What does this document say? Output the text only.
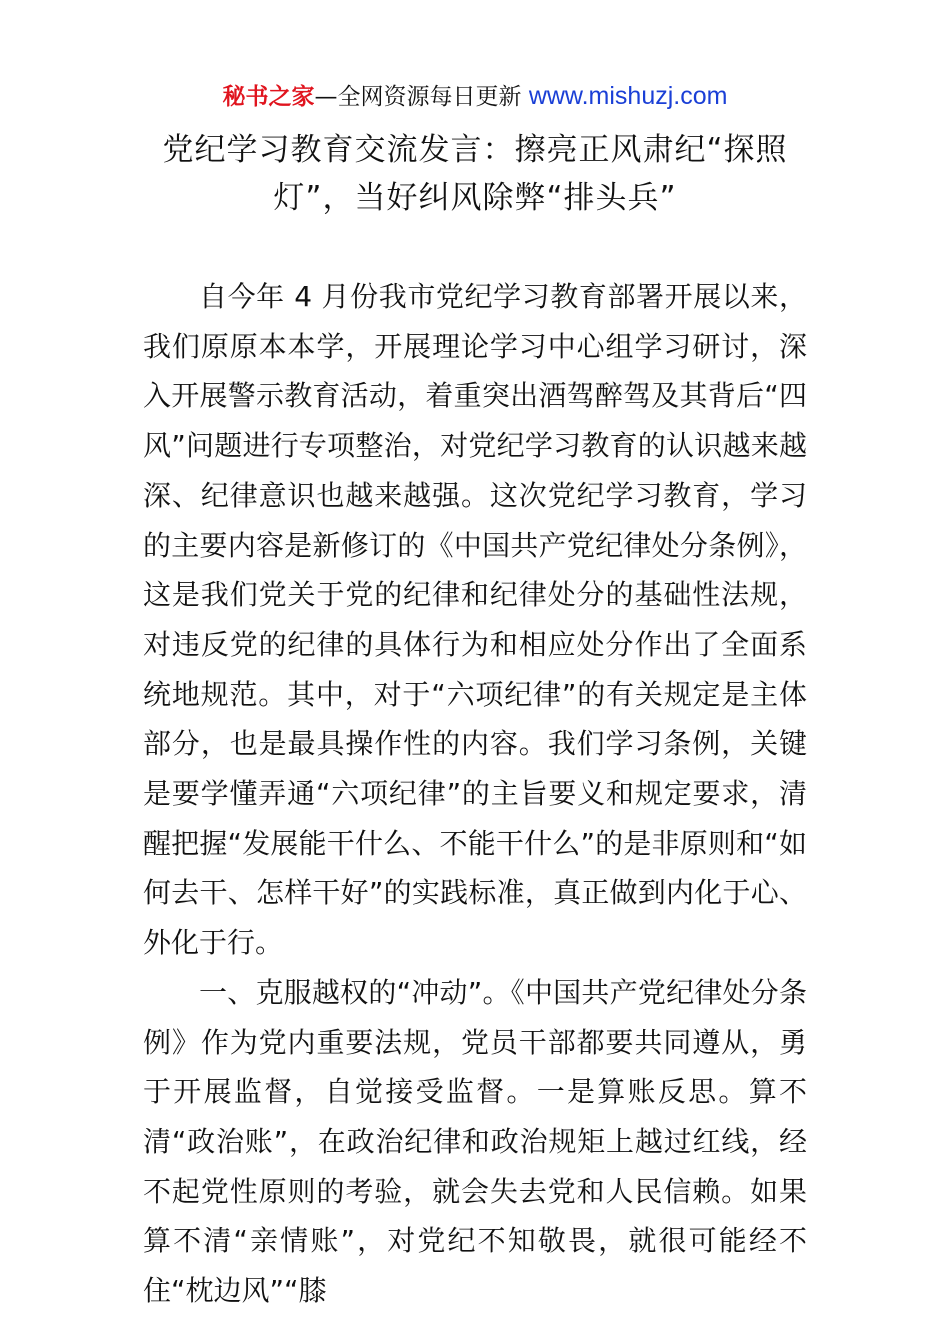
秘书之家—全网资源每日更新 www.mishuzj.com
党纪学习教育交流发言：擦亮正风肃纪“探照灯”，当好纠风除弊“排头兵”

自今年 4 月份我市党纪学习教育部署开展以来，我们原原本本学，开展理论学习中心组学习研讨，深入开展警示教育活动，着重突出酒驾醉驾及其背后“四风”问题进行专项整治，对党纪学习教育的认识越来越深、纪律意识也越来越强。这次党纪学习教育，学习的主要内容是新修订的《中国共产党纪律处分条例》，这是我们党关于党的纪律和纪律处分的基础性法规，对违反党的纪律的具体行为和相应处分作出了全面系统地规范。其中，对于“六项纪律”的有关规定是主体部分，也是最具操作性的内容。我们学习条例，关键是要学懂弄通“六项纪律”的主旨要义和规定要求，清醒把握“发展能干什么、不能干什么”的是非原则和“如何去干、怎样干好”的实践标准，真正做到内化于心、外化于行。

一、克服越权的“冲动”。《中国共产党纪律处分条例》作为党内重要法规，党员干部都要共同遵从，勇于开展监督，自觉接受监督。一是算账反思。算不清“政治账”，在政治纪律和政治规矩上越过红线，经不起党性原则的考验，就会失去党和人民信赖。如果算不清“亲情账”，对党纪不知敬畏，就很可能经不住“枕边风”“膝
